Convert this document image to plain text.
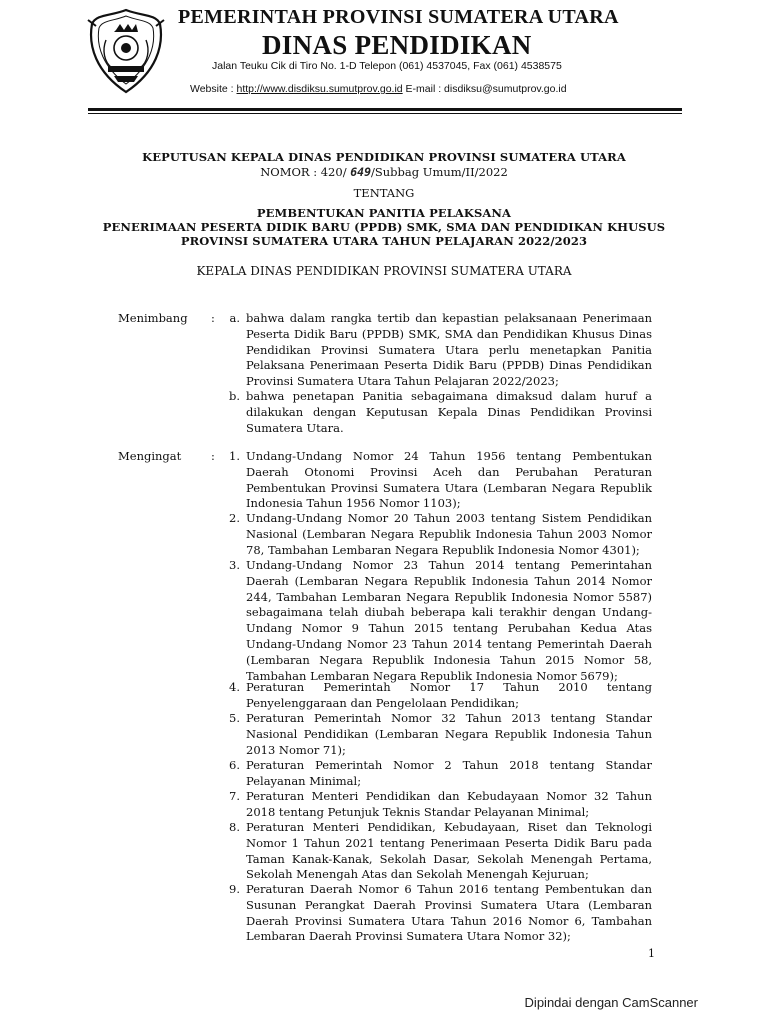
PEMERINTAH PROVINSI SUMATERA UTARA
DINAS PENDIDIKAN
Jalan Teuku Cik di Tiro No. 1-D Telepon (061) 4537045, Fax (061) 4538575
Website : http://www.disdiksu.sumutprov.go.id E-mail : disdiksu@sumutprov.go.id
KEPUTUSAN KEPALA DINAS PENDIDIKAN PROVINSI SUMATERA UTARA
NOMOR : 420/ 649/Subbag Umum/II/2022
TENTANG
PEMBENTUKAN PANITIA PELAKSANA
PENERIMAAN PESERTA DIDIK BARU (PPDB) SMK, SMA DAN PENDIDIKAN KHUSUS
PROVINSI SUMATERA UTARA TAHUN PELAJARAN 2022/2023
KEPALA DINAS PENDIDIKAN PROVINSI SUMATERA UTARA
Menimbang :	a. bahwa dalam rangka tertib dan kepastian pelaksanaan Penerimaan Peserta Didik Baru (PPDB) SMK, SMA dan Pendidikan Khusus Dinas Pendidikan Provinsi Sumatera Utara perlu menetapkan Panitia Pelaksana Penerimaan Peserta Didik Baru (PPDB) Dinas Pendidikan Provinsi Sumatera Utara Tahun Pelajaran 2022/2023;

b. bahwa penetapan Panitia sebagaimana dimaksud dalam huruf a dilakukan dengan Keputusan Kepala Dinas Pendidikan Provinsi Sumatera Utara.

Mengingat	:	1. Undang-Undang Nomor 24 Tahun 1956 tentang Pembentukan Daerah Otonomi Provinsi Aceh dan Perubahan Peraturan Pembentukan Provinsi Sumatera Utara (Lembaran Negara Republik Indonesia Tahun 1956 Nomor 1103);

2. Undang-Undang Nomor 20 Tahun 2003 tentang Sistem Pendidikan Nasional (Lembaran Negara Republik Indonesia Tahun 2003 Nomor 78, Tambahan Lembaran Negara Republik Indonesia Nomor 4301);

3. Undang-Undang Nomor 23 Tahun 2014 tentang Pemerintahan Daerah (Lembaran Negara Republik Indonesia Tahun 2014 Nomor 244, Tambahan Lembaran Negara Republik Indonesia Nomor 5587) sebagaimana telah diubah beberapa kali terakhir dengan Undang-Undang Nomor 9 Tahun 2015 tentang Perubahan Kedua Atas Undang-Undang Nomor 23 Tahun 2014 tentang Pemerintah Daerah (Lembaran Negara Republik Indonesia Tahun 2015 Nomor 58, Tambahan Lembaran Negara Republik Indonesia Nomor 5679);

4. Peraturan Pemerintah Nomor 17 Tahun 2010 tentang Penyelenggaraan dan Pengelolaan Pendidikan;

5. Peraturan Pemerintah Nomor 32 Tahun 2013 tentang Standar Nasional Pendidikan (Lembaran Negara Republik Indonesia Tahun 2013 Nomor 71);

6. Peraturan Pemerintah Nomor 2 Tahun 2018 tentang Standar Pelayanan Minimal;

7. Peraturan Menteri Pendidikan dan Kebudayaan Nomor 32 Tahun 2018 tentang Petunjuk Teknis Standar Pelayanan Minimal;

8. Peraturan Menteri Pendidikan, Kebudayaan, Riset dan Teknologi Nomor 1 Tahun 2021 tentang Penerimaan Peserta Didik Baru pada Taman Kanak-Kanak, Sekolah Dasar, Sekolah Menengah Pertama, Sekolah Menengah Atas dan Sekolah Menengah Kejuruan;

9. Peraturan Daerah Nomor 6 Tahun 2016 tentang Pembentukan dan Susunan Perangkat Daerah Provinsi Sumatera Utara (Lembaran Daerah Provinsi Sumatera Utara Tahun 2016 Nomor 6, Tambahan Lembaran Daerah Provinsi Sumatera Utara Nomor 32);

1
Dipindai dengan CamScanner
